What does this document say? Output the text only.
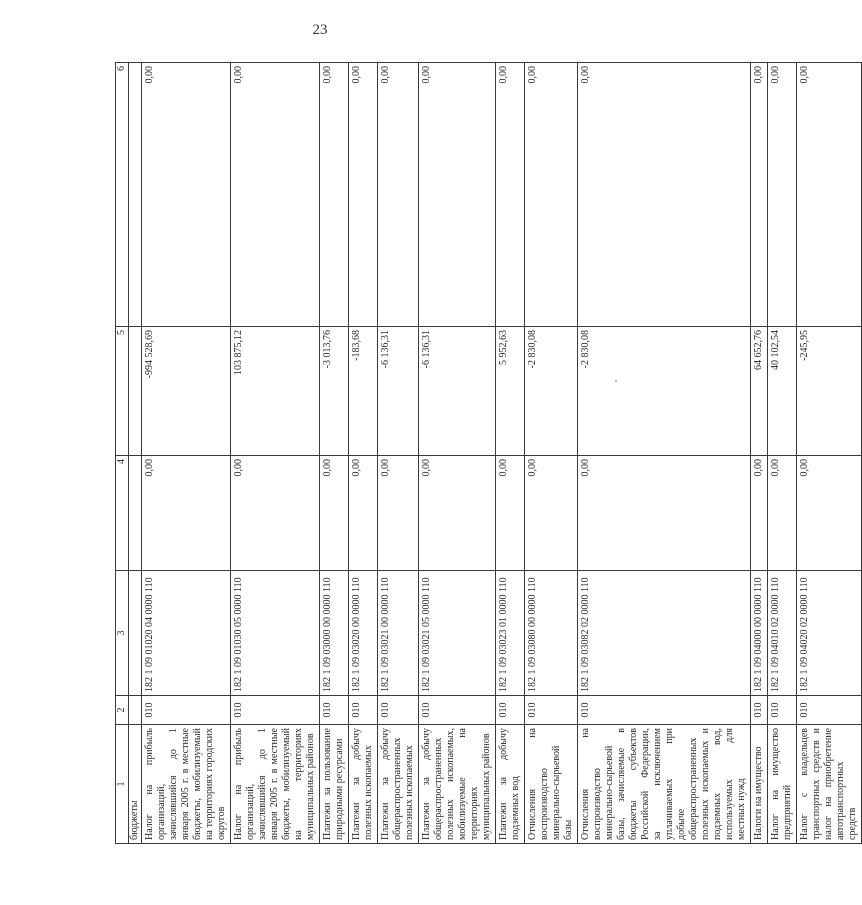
23
1	2	3	4	5	6
бюджеты					
Налог на прибыль организаций, зачислявшийся до 1 января 2005 г. в местные бюджеты, мобилизуемый на территориях городских округов	010	182 1 09 01020 04 0000 110	0,00	-994 528,69	0,00
Налог на прибыль организаций, зачислявшийся до 1 января 2005 г. в местные бюджеты, мобилизуемый на территориях муниципальных районов	010	182 1 09 01030 05 0000 110	0,00	103 875,12	0,00
Платежи за пользование природными ресурсами	010	182 1 09 03000 00 0000 110	0,00	-3 013,76	0,00
Платежи за добычу полезных ископаемых	010	182 1 09 03020 00 0000 110	0,00	-183,68	0,00
Платежи за добычу общераспространенных полезных ископаемых	010	182 1 09 03021 00 0000 110	0,00	-6 136,31	0,00
Платежи за добычу общераспространенных полезных ископаемых, мобилизуемые на территориях муниципальных районов	010	182 1 09 03021 05 0000 110	0,00	-6 136,31	0,00
Платежи за добычу подземных вод	010	182 1 09 03023 01 0000 110	0,00	5 952,63	0,00
Отчисления на воспроизводство минерально-сырьевой базы	010	182 1 09 03080 00 0000 110	0,00	-2 830,08	0,00
Отчисления на воспроизводство минерально-сырьевой базы, зачисляемые в бюджеты субъектов Российской Федерации, за исключением уплачиваемых при добыче общераспространенных полезных ископаемых и подземных вод, используемых для местных нужд	010	182 1 09 03082 02 0000 110	0,00	-2 830,08	0,00
Налоги на имущество	010	182 1 09 04000 00 0000 110	0,00	64 652,76	0,00
Налог на имущество предприятий	010	182 1 09 04010 02 0000 110	0,00	40 102,54	0,00
Налог с владельцев транспортных средств и налог на приобретение автотранспортных средств	010	182 1 09 04020 02 0000 110	0,00	-245,95	0,00
